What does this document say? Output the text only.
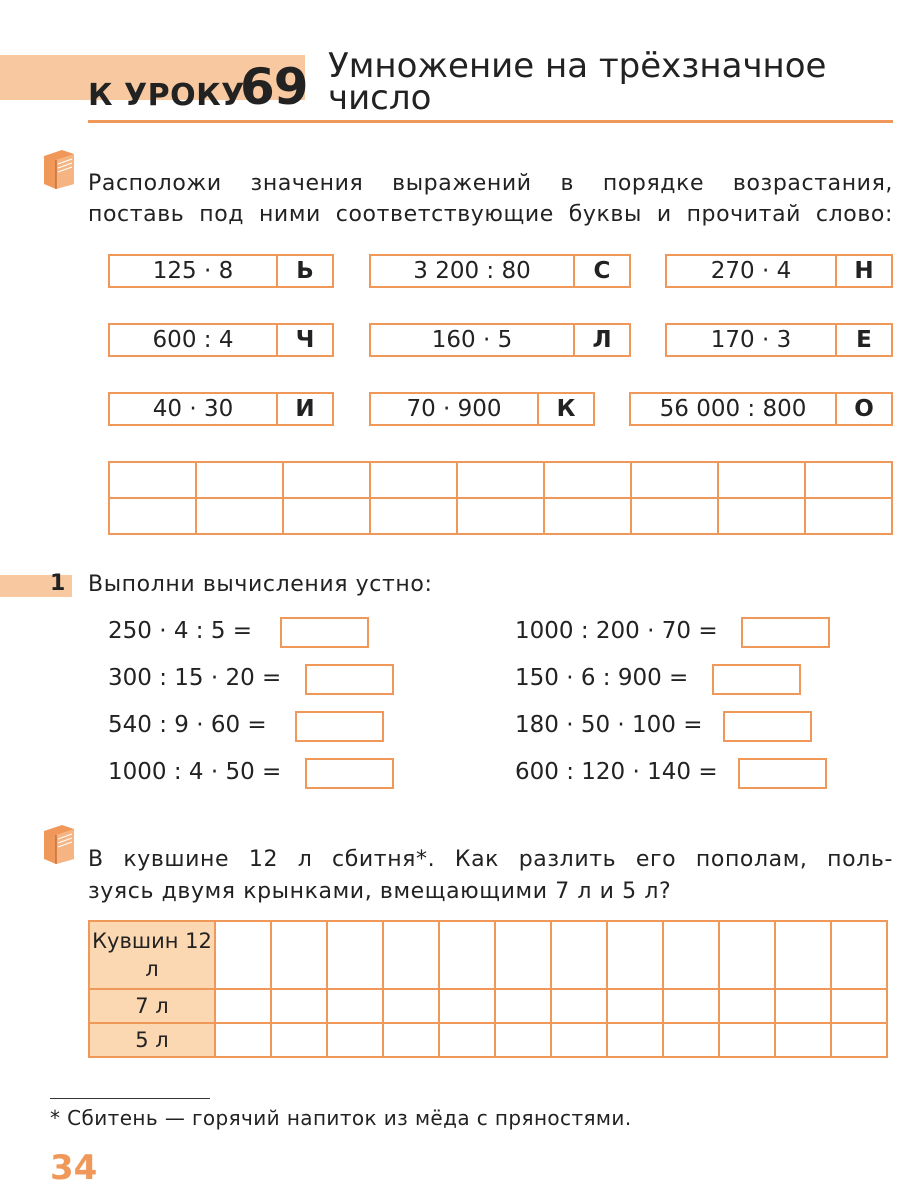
К УРОКУ
69 Умножение на трёхзначное число
Расположи значения выражений в порядке возрастания,
поставь под ними соответствующие буквы и прочитай слово:
125 · 8	Ь	3 200 : 80	С	270 · 4	Н
600 : 4	Ч	160 · 5	Л	170 · 3	Е
40 · 30	И	70 · 900	К	56 000 : 800	О

1 Выполни вычисления устно:
250 · 4 : 5 =
300 : 15 · 20 =
540 : 9 · 60 =
1000 : 4 · 50 =
1000 : 200 · 70 =
150 · 6 : 900 =
180 · 50 · 100 =
600 : 120 · 140 =
В кувшине 12 л сбитня*. Как разлить его пополам, поль-
зуясь двумя крынками, вмещающими 7 л и 5 л?
Кувшин 12 л												
7 л												
5 л												
* Сбитень — горячий напиток из мёда с пряностями.
34
